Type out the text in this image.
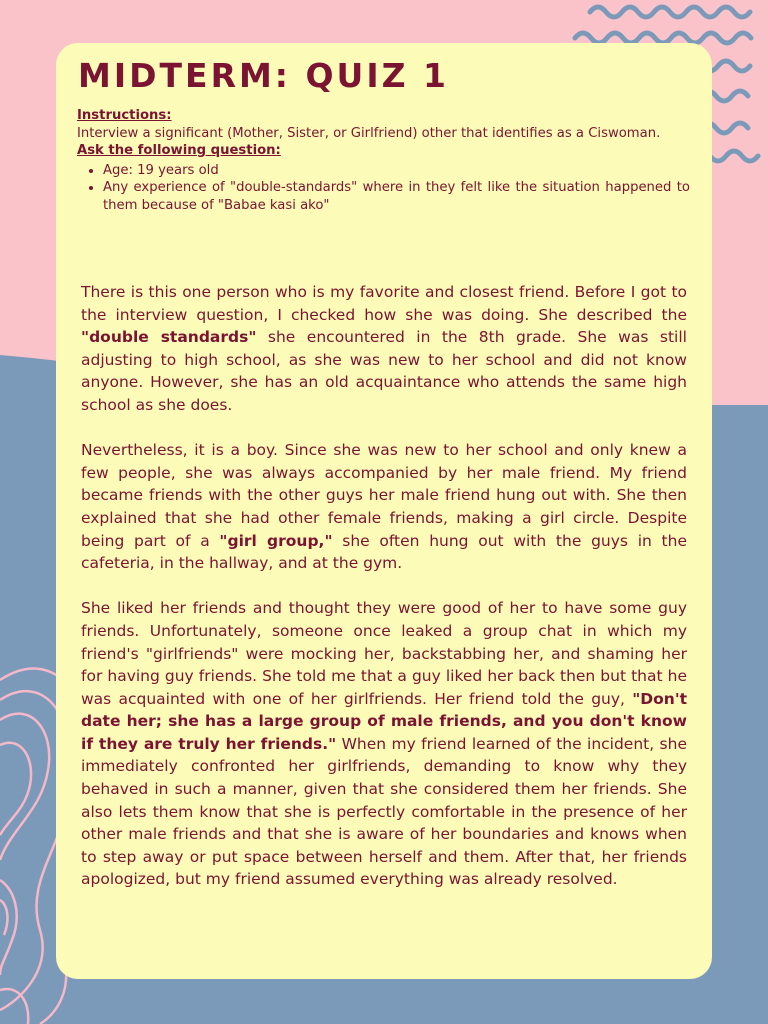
MIDTERM: QUIZ 1
Instructions:

Interview a significant (Mother, Sister, or Girlfriend) other that identifies as a Ciswoman.

Ask the following question:
• Age: 19 years old
• Any experience of "double-standards" where in they felt like the situation happened to them because of "Babae kasi ako"

There is this one person who is my favorite and closest friend. Before I got to the interview question, I checked how she was doing. She described the "double standards" she encountered in the 8th grade. She was still adjusting to high school, as she was new to her school and did not know anyone. However, she has an old acquaintance who attends the same high school as she does.

Nevertheless, it is a boy. Since she was new to her school and only knew a few people, she was always accompanied by her male friend. My friend became friends with the other guys her male friend hung out with. She then explained that she had other female friends, making a girl circle. Despite being part of a "girl group," she often hung out with the guys in the cafeteria, in the hallway, and at the gym.

She liked her friends and thought they were good of her to have some guy friends. Unfortunately, someone once leaked a group chat in which my friend's "girlfriends" were mocking her, backstabbing her, and shaming her for having guy friends. She told me that a guy liked her back then but that he was acquainted with one of her girlfriends. Her friend told the guy, "Don't date her; she has a large group of male friends, and you don't know if they are truly her friends." When my friend learned of the incident, she immediately confronted her girlfriends, demanding to know why they behaved in such a manner, given that she considered them her friends. She also lets them know that she is perfectly comfortable in the presence of her other male friends and that she is aware of her boundaries and knows when to step away or put space between herself and them. After that, her friends apologized, but my friend assumed everything was already resolved.
